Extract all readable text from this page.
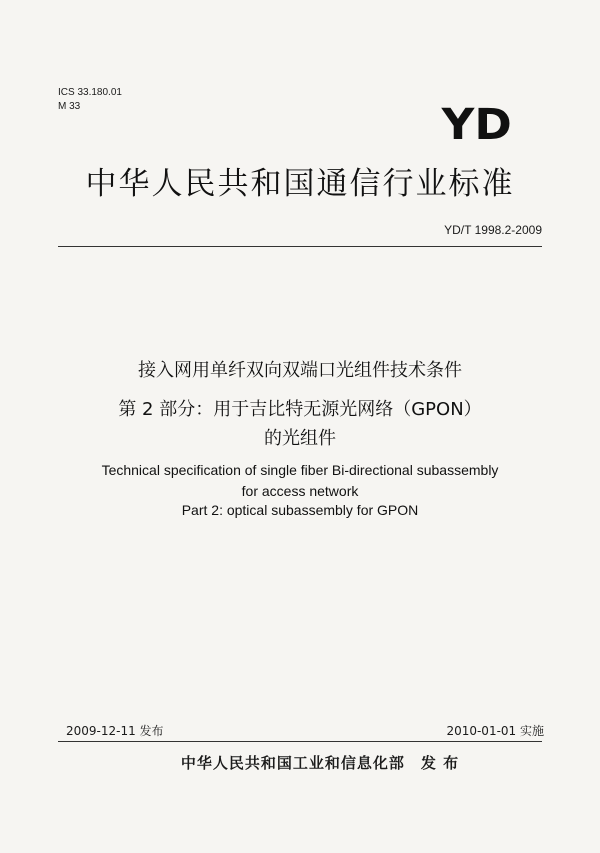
ICS 33.180.01
M 33	YD
中华人民共和国通信行业标准
YD/T 1998.2-2009
接入网用单纤双向双端口光组件技术条件
第 2 部分：用于吉比特无源光网络（GPON）
的光组件
Technical specification of single fiber Bi-directional subassembly
for access network
Part 2: optical subassembly for GPON
2009-12-11 发布	2010-01-01 实施
中华人民共和国工业和信息化部　发 布
